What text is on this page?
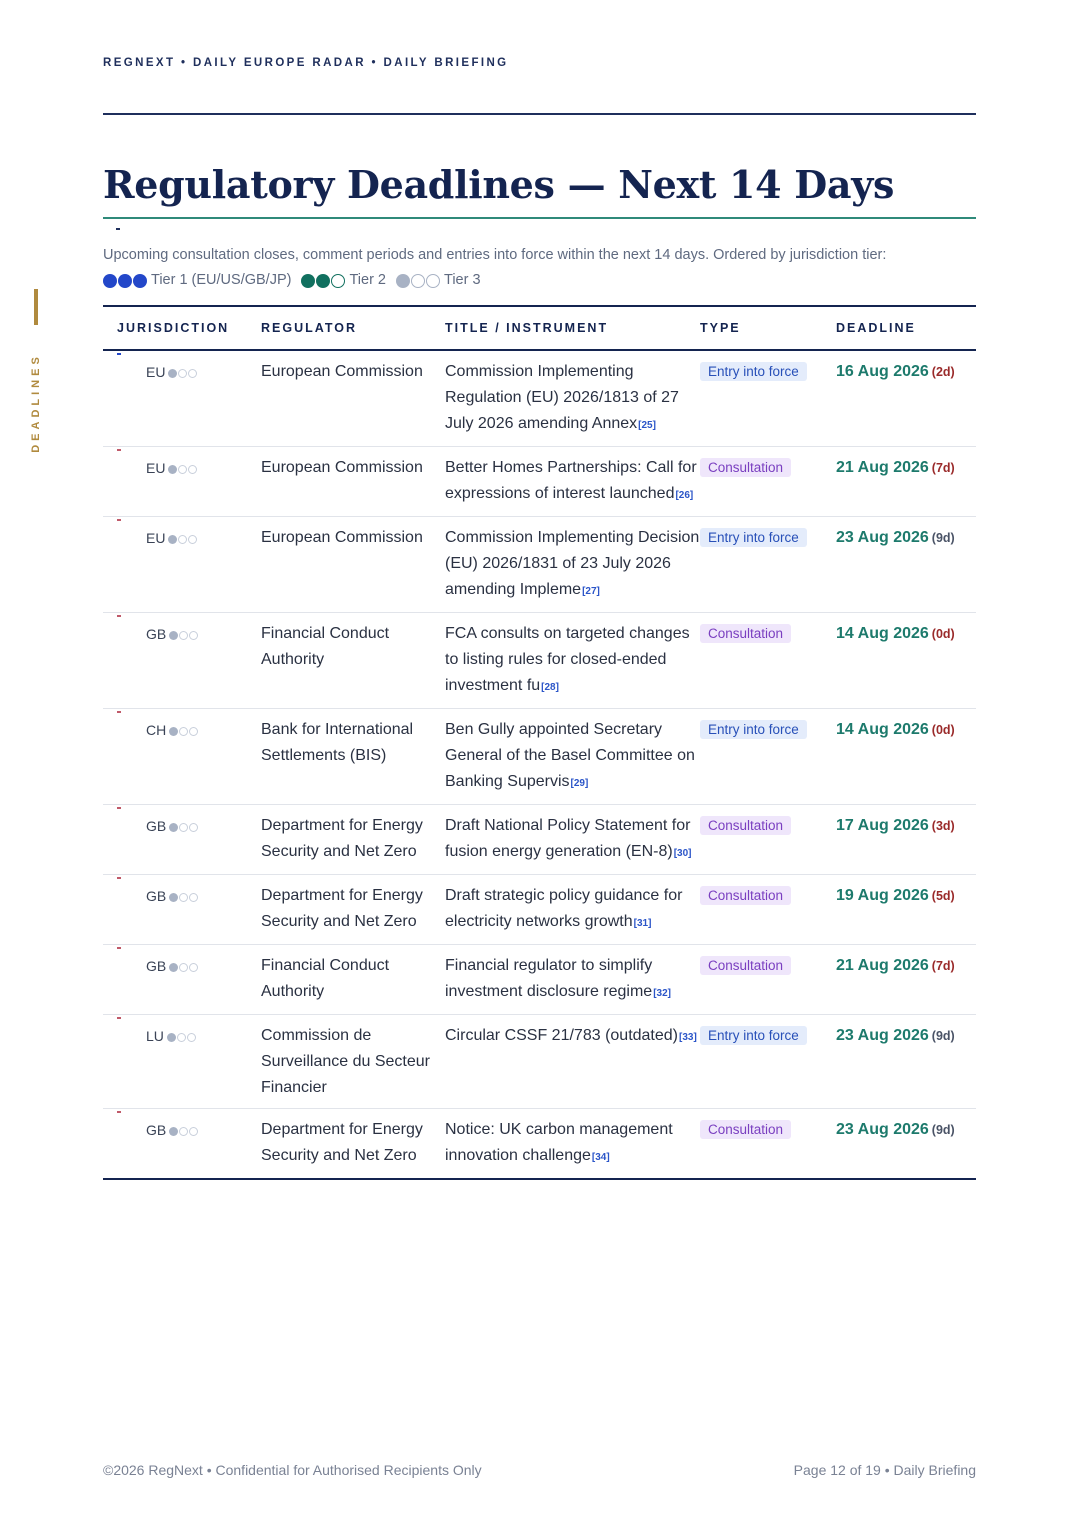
REGNEXT • DAILY EUROPE RADAR • DAILY BRIEFING
DEADLINES
Regulatory Deadlines — Next 14 Days
Upcoming consultation closes, comment periods and entries into force within the next 14 days. Ordered by jurisdiction tier:
Tier 1 (EU/US/GB/JP)	Tier 2	Tier 3
JURISDICTION	REGULATOR	TITLE / INSTRUMENT	TYPE	DEADLINE

EU	European Commission	Commission Implementing Regulation (EU) 2026/1813 of 27 July 2026 amending Annex[25]	Entry into force	16 Aug 2026 (2d)

EU	European Commission	Better Homes Partnerships: Call for expressions of interest launched[26]	Consultation	21 Aug 2026 (7d)

EU	European Commission	Commission Implementing Decision (EU) 2026/1831 of 23 July 2026 amending Impleme[27]	Entry into force	23 Aug 2026 (9d)

GB	Financial Conduct Authority	FCA consults on targeted changes to listing rules for closed-ended investment fu[28]	Consultation	14 Aug 2026 (0d)

CH	Bank for International Settlements (BIS)	Ben Gully appointed Secretary General of the Basel Committee on Banking Supervis[29]	Entry into force	14 Aug 2026 (0d)

GB	Department for Energy Security and Net Zero	Draft National Policy Statement for fusion energy generation (EN-8)[30]	Consultation	17 Aug 2026 (3d)

GB	Department for Energy Security and Net Zero	Draft strategic policy guidance for electricity networks growth[31]	Consultation	19 Aug 2026 (5d)

GB	Financial Conduct Authority	Financial regulator to simplify investment disclosure regime[32]	Consultation	21 Aug 2026 (7d)

LU	Commission de Surveillance du Secteur Financier	Circular CSSF 21/783 (outdated)[33]	Entry into force	23 Aug 2026 (9d)

GB	Department for Energy Security and Net Zero	Notice: UK carbon management innovation challenge[34]	Consultation	23 Aug 2026 (9d)
©2026 RegNext • Confidential for Authorised Recipients Only	Page 12 of 19 • Daily Briefing
